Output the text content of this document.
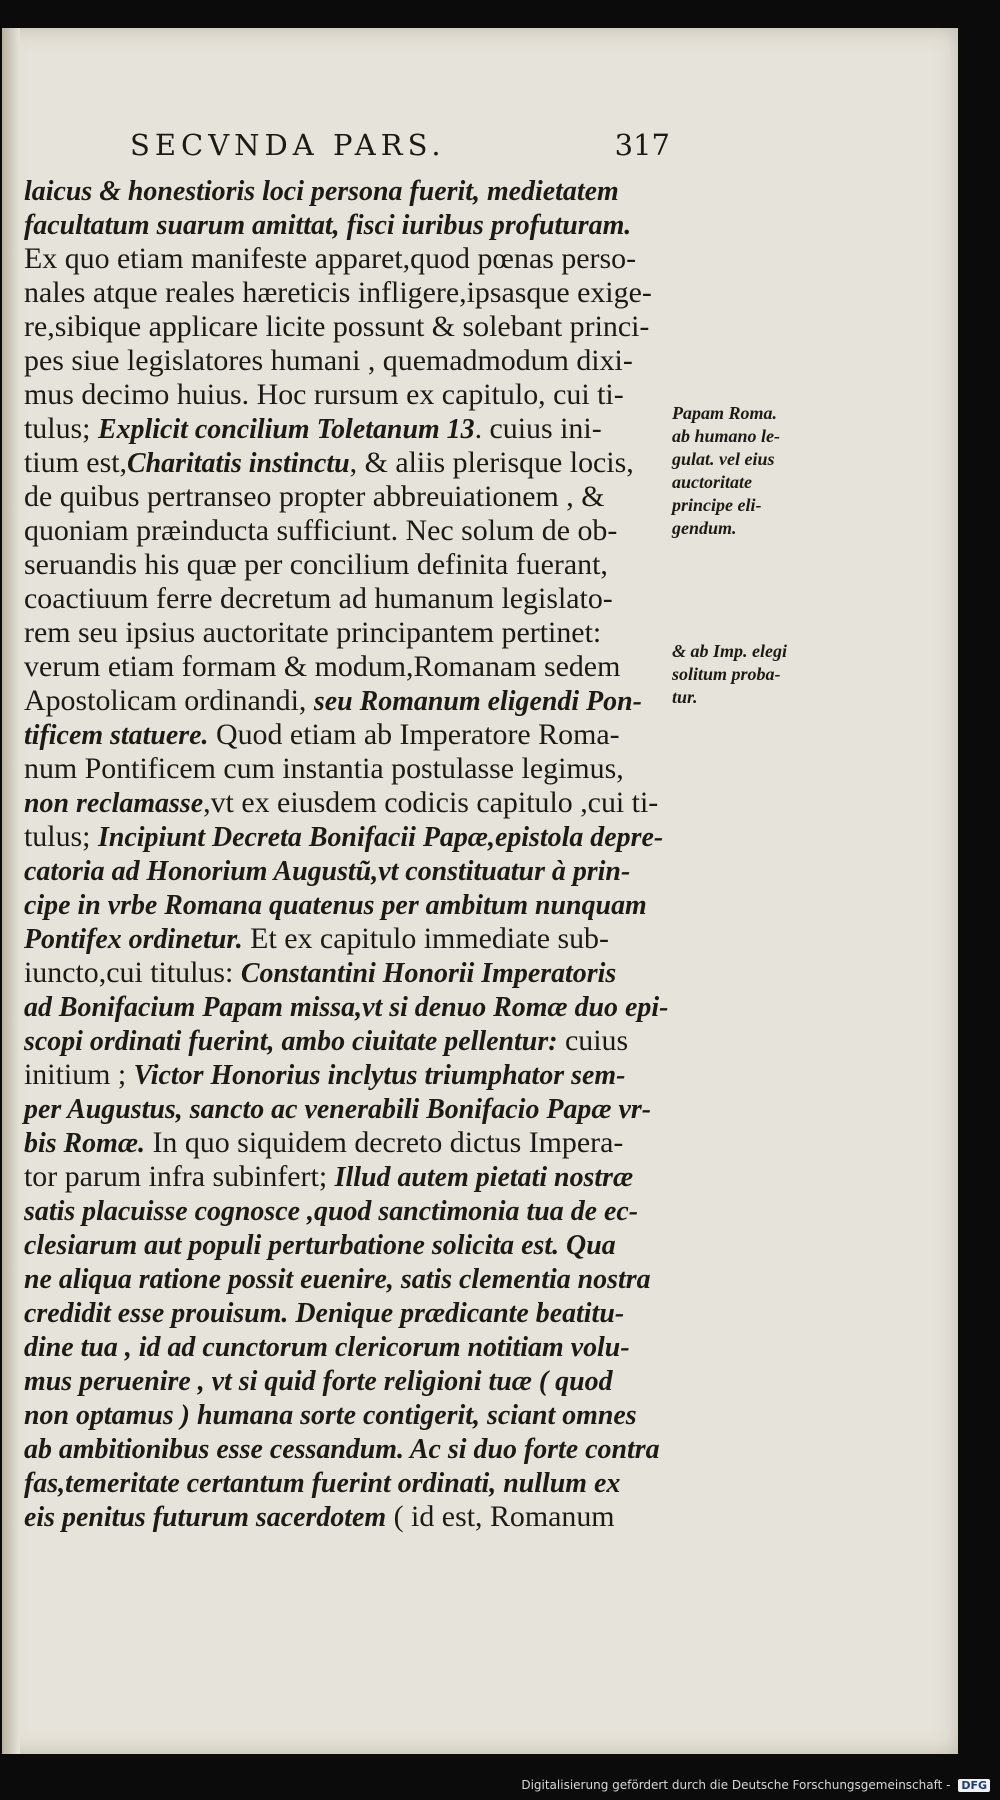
SECVNDA PARS.	317
laicus & honestioris loci persona fuerit, medietatem
facultatum suarum amittat, fisci iuribus profuturam.
Ex quo etiam manifeste apparet,quod pœnas perso-
nales atque reales hæreticis infligere,ipsasque exige-
re,sibique applicare licite possunt & solebant princi-
pes siue legislatores humani , quemadmodum dixi-
mus decimo huius. Hoc rursum ex capitulo, cui ti-
tulus; Explicit concilium Toletanum 13. cuius ini-
tium est,Charitatis instinctu, & aliis plerisque locis,
de quibus pertranseo propter abbreuiationem , &
quoniam præinducta sufficiunt. Nec solum de ob-
seruandis his quæ per concilium definita fuerant,
coactiuum ferre decretum ad humanum legislato-
rem seu ipsius auctoritate principantem pertinet:
verum etiam formam & modum,Romanam sedem
Apostolicam ordinandi, seu Romanum eligendi Pon-
tificem statuere. Quod etiam ab Imperatore Roma-
num Pontificem cum instantia postulasse legimus,
non reclamasse,vt ex eiusdem codicis capitulo ,cui ti-
tulus; Incipiunt Decreta Bonifacii Papæ,epistola depre-
catoria ad Honorium Augustũ,vt constituatur à prin-
cipe in vrbe Romana quatenus per ambitum nunquam
Pontifex ordinetur. Et ex capitulo immediate sub-
iuncto,cui titulus: Constantini Honorii Imperatoris
ad Bonifacium Papam missa,vt si denuo Romæ duo epi-
scopi ordinati fuerint, ambo ciuitate pellentur: cuius
initium ; Victor Honorius inclytus triumphator sem-
per Augustus, sancto ac venerabili Bonifacio Papæ vr-
bis Romæ. In quo siquidem decreto dictus Impera-
tor parum infra subinfert; Illud autem pietati nostræ
satis placuisse cognosce ,quod sanctimonia tua de ec-
clesiarum aut populi perturbatione solicita est. Qua
ne aliqua ratione possit euenire, satis clementia nostra
credidit esse prouisum. Denique prædicante beatitu-
dine tua , id ad cunctorum clericorum notitiam volu-
mus peruenire , vt si quid forte religioni tuæ ( quod
non optamus ) humana sorte contigerit, sciant omnes
ab ambitionibus esse cessandum. Ac si duo forte contra
fas,temeritate certantum fuerint ordinati, nullum ex
eis penitus futurum sacerdotem ( id est, Romanum
Papam Roma.
ab humano le-
gulat. vel eius
auctoritate
principe eli-
gendum.
& ab Imp. elegi
solitum proba-
tur.
Digitalisierung gefördert durch die Deutsche Forschungsgemeinschaft - DFG
